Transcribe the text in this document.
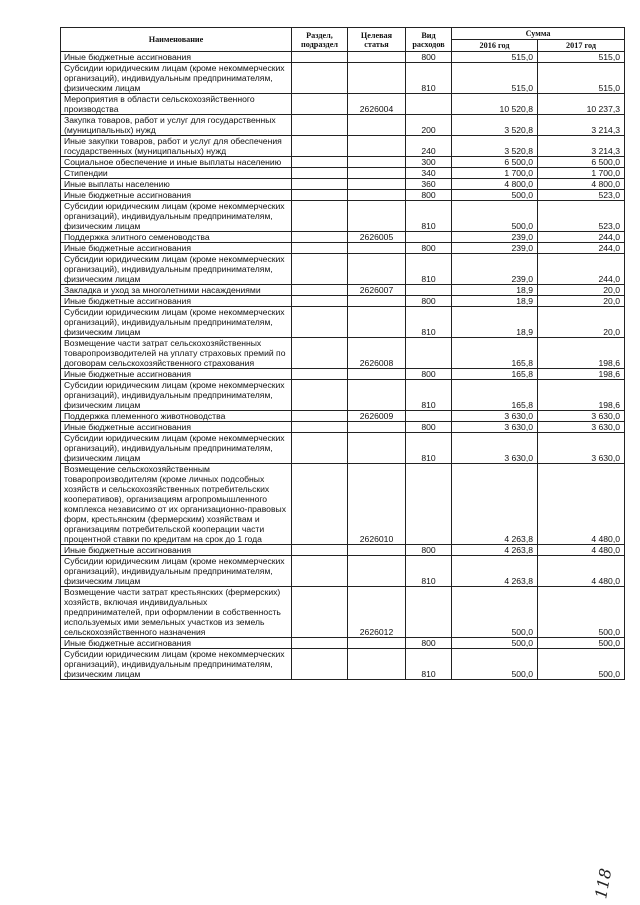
Наименование	Раздел, подраздел	Целевая статья	Вид расходов	Сумма	
				2016 год	2017 год
Иные бюджетные ассигнования			800	515,0	515,0
Субсидии юридическим лицам (кроме некоммерческих организаций), индивидуальным предпринимателям, физическим лицам			810	515,0	515,0
Мероприятия в области сельскохозяйственного производства		2626004		10 520,8	10 237,3
Закупка товаров, работ и услуг для государственных (муниципальных) нужд			200	3 520,8	3 214,3
Иные закупки товаров, работ и услуг для обеспечения государственных (муниципальных) нужд			240	3 520,8	3 214,3
Социальное обеспечение и иные выплаты населению			300	6 500,0	6 500,0
Стипендии			340	1 700,0	1 700,0
Иные выплаты населению			360	4 800,0	4 800,0
Иные бюджетные ассигнования			800	500,0	523,0
Субсидии юридическим лицам (кроме некоммерческих организаций), индивидуальным предпринимателям, физическим лицам			810	500,0	523,0
Поддержка элитного семеноводства		2626005		239,0	244,0
Иные бюджетные ассигнования			800	239,0	244,0
Субсидии юридическим лицам (кроме некоммерческих организаций), индивидуальным предпринимателям, физическим лицам			810	239,0	244,0
Закладка и уход за многолетними насаждениями		2626007		18,9	20,0
Иные бюджетные ассигнования			800	18,9	20,0
Субсидии юридическим лицам (кроме некоммерческих организаций), индивидуальным предпринимателям, физическим лицам			810	18,9	20,0
Возмещение части затрат сельскохозяйственных товаропроизводителей на уплату страховых премий по договорам сельскохозяйственного страхования		2626008		165,8	198,6
Иные бюджетные ассигнования			800	165,8	198,6
Субсидии юридическим лицам (кроме некоммерческих организаций), индивидуальным предпринимателям, физическим лицам			810	165,8	198,6
Поддержка племенного животноводства		2626009		3 630,0	3 630,0
Иные бюджетные ассигнования			800	3 630,0	3 630,0
Субсидии юридическим лицам (кроме некоммерческих организаций), индивидуальным предпринимателям, физическим лицам			810	3 630,0	3 630,0
Возмещение сельскохозяйственным товаропроизводителям (кроме личных подсобных хозяйств и сельскохозяйственных потребительских кооперативов), организациям агропромышленного комплекса независимо от их организационно-правовых форм, крестьянским (фермерским) хозяйствам и организациям потребительской кооперации части процентной ставки по кредитам на срок до 1 года		2626010		4 263,8	4 480,0
Иные бюджетные ассигнования			800	4 263,8	4 480,0
Субсидии юридическим лицам (кроме некоммерческих организаций), индивидуальным предпринимателям, физическим лицам			810	4 263,8	4 480,0
Возмещение части затрат крестьянских (фермерских) хозяйств, включая индивидуальных предпринимателей, при оформлении в собственность используемых ими земельных участков из земель сельскохозяйственного назначения		2626012		500,0	500,0
Иные бюджетные ассигнования			800	500,0	500,0
Субсидии юридическим лицам (кроме некоммерческих организаций), индивидуальным предпринимателям, физическим лицам			810	500,0	500,0
118
